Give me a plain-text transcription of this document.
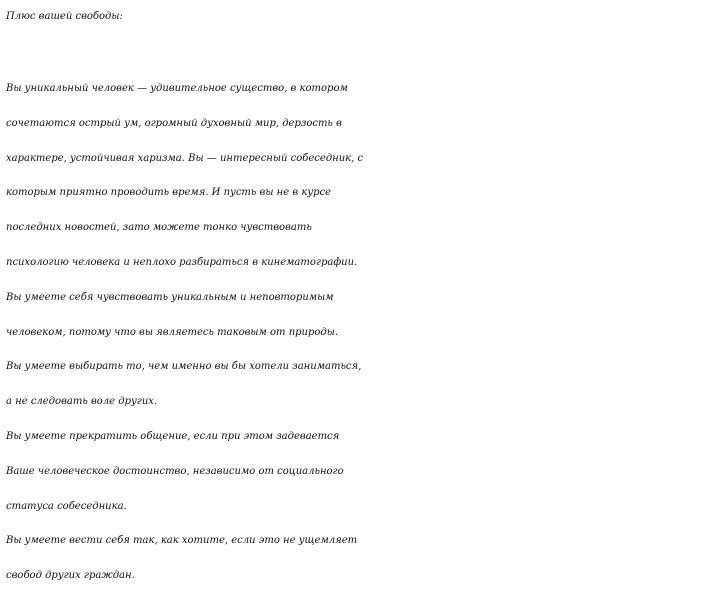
Плюс вашей свободы:
Вы уникальный человек — удивительное существо, в котором
сочетаются острый ум, огромный духовный мир, дерзость в
характере, устойчивая харизма. Вы — интересный собеседник, с
которым приятно проводить время. И пусть вы не в курсе
последних новостей, зато можете тонко чувствовать
психологию человека и неплохо разбираться в кинематографии.
Вы умеете себя чувствовать уникальным и неповторимым
человеком, потому что вы являетесь таковым от природы.
Вы умеете выбирать то, чем именно вы бы хотели заниматься,
а не следовать воле других.
Вы умеете прекратить общение, если при этом задевается
Ваше человеческое достоинство, независимо от социального
статуса собеседника.
Вы умеете вести себя так, как хотите, если это не ущемляет
свобод других граждан.
